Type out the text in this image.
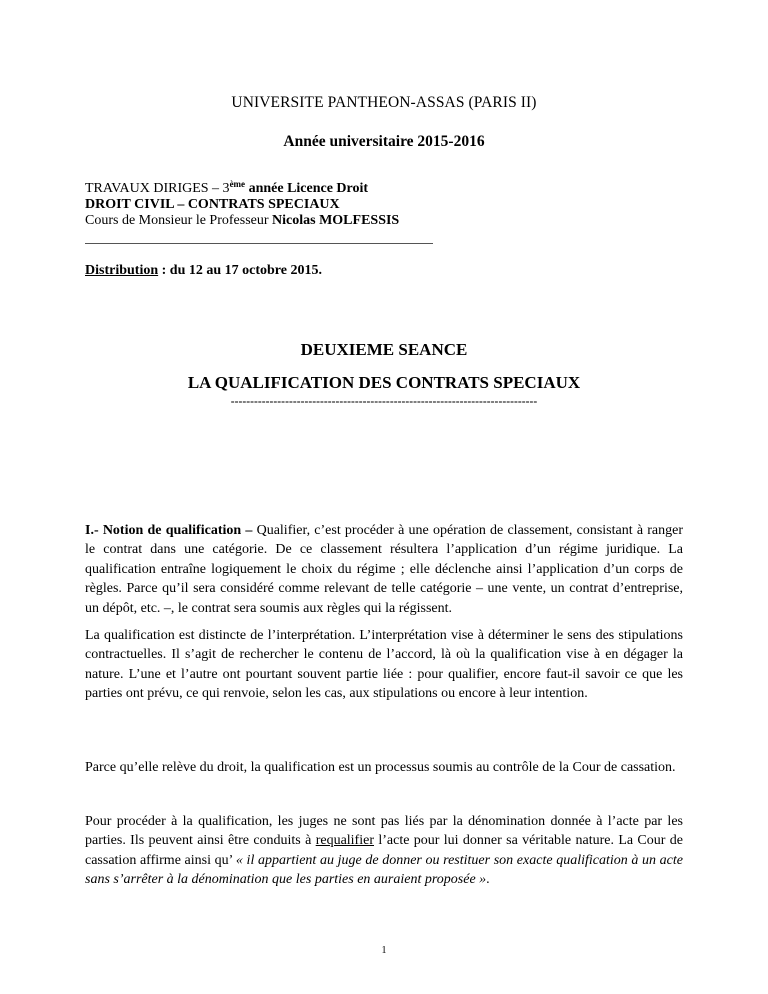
UNIVERSITE PANTHEON-ASSAS (PARIS II)
Année universitaire 2015-2016
TRAVAUX DIRIGES – 3ème année Licence Droit
DROIT CIVIL – CONTRATS SPECIAUX
Cours de Monsieur le Professeur Nicolas MOLFESSIS
Distribution : du 12 au 17 octobre 2015.
DEUXIEME SEANCE
LA QUALIFICATION DES CONTRATS SPECIAUX
-------------------------------------------------------------------------------

I.- Notion de qualification – Qualifier, c’est procéder à une opération de classement, consistant à ranger le contrat dans une catégorie. De ce classement résultera l’application d’un régime juridique. La qualification entraîne logiquement le choix du régime ; elle déclenche ainsi l’application d’un corps de règles. Parce qu’il sera considéré comme relevant de telle catégorie – une vente, un contrat d’entreprise, un dépôt, etc. –, le contrat sera soumis aux règles qui la régissent.

La qualification est distincte de l’interprétation. L’interprétation vise à déterminer le sens des stipulations contractuelles. Il s’agit de rechercher le contenu de l’accord, là où la qualification vise à en dégager la nature. L’une et l’autre ont pourtant souvent partie liée : pour qualifier, encore faut-il savoir ce que les parties ont prévu, ce qui renvoie, selon les cas, aux stipulations ou encore à leur intention.

Parce qu’elle relève du droit, la qualification est un processus soumis au contrôle de la Cour de cassation.

Pour procéder à la qualification, les juges ne sont pas liés par la dénomination donnée à l’acte par les parties. Ils peuvent ainsi être conduits à requalifier l’acte pour lui donner sa véritable nature. La Cour de cassation affirme ainsi qu’ « il appartient au juge de donner ou restituer son exacte qualification à un acte sans s’arrêter à la dénomination que les parties en auraient proposée ».

1
